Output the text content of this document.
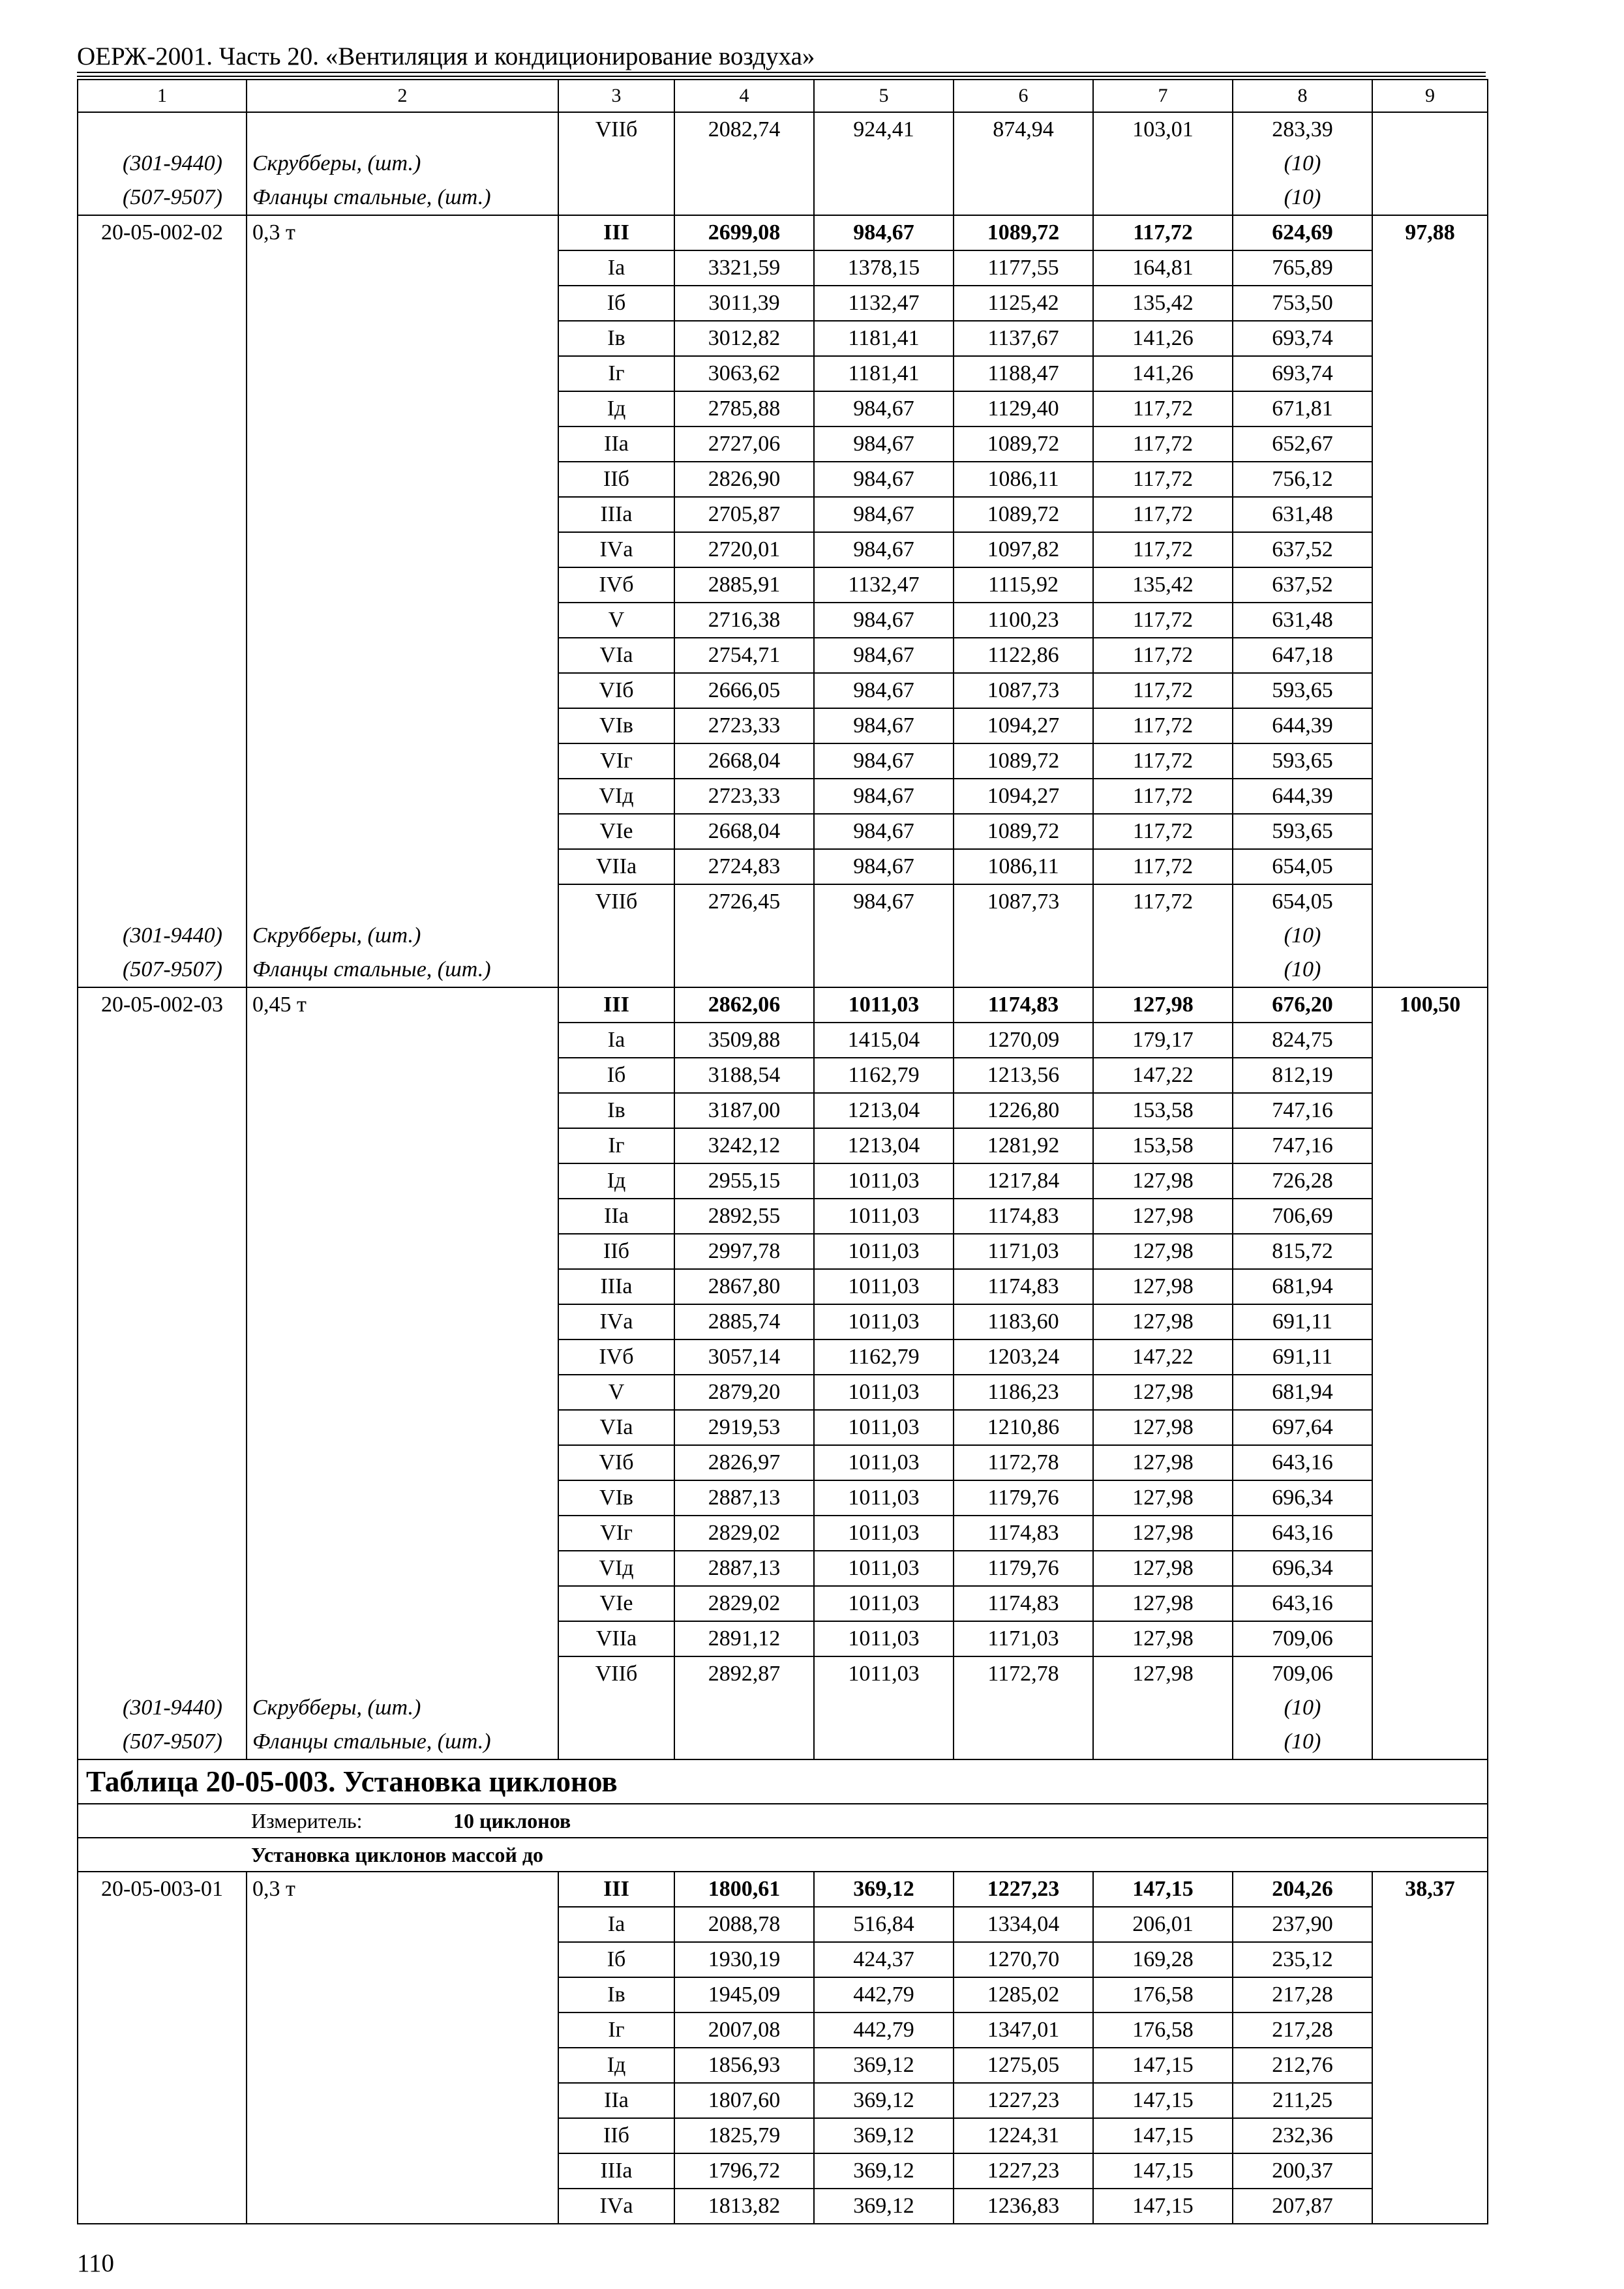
ОЕРЖ-2001. Часть 20. «Вентиляция и кондиционирование воздуха»
1	2	3	4	5	6	7	8	9
		VIIб	2082,74	924,41	874,94	103,01	283,39	
(301-9440)	Скрубберы, (шт.)						(10)	
(507-9507)	Фланцы стальные, (шт.)						(10)	
20-05-002-02	0,3 т	III	2699,08	984,67	1089,72	117,72	624,69	97,88
		Iа	3321,59	1378,15	1177,55	164,81	765,89	
		Iб	3011,39	1132,47	1125,42	135,42	753,50	
		Iв	3012,82	1181,41	1137,67	141,26	693,74	
		Iг	3063,62	1181,41	1188,47	141,26	693,74	
		Iд	2785,88	984,67	1129,40	117,72	671,81	
		IIа	2727,06	984,67	1089,72	117,72	652,67	
		IIб	2826,90	984,67	1086,11	117,72	756,12	
		IIIа	2705,87	984,67	1089,72	117,72	631,48	
		IVа	2720,01	984,67	1097,82	117,72	637,52	
		IVб	2885,91	1132,47	1115,92	135,42	637,52	
		V	2716,38	984,67	1100,23	117,72	631,48	
		VIа	2754,71	984,67	1122,86	117,72	647,18	
		VIб	2666,05	984,67	1087,73	117,72	593,65	
		VIв	2723,33	984,67	1094,27	117,72	644,39	
		VIг	2668,04	984,67	1089,72	117,72	593,65	
		VIд	2723,33	984,67	1094,27	117,72	644,39	
		VIе	2668,04	984,67	1089,72	117,72	593,65	
		VIIа	2724,83	984,67	1086,11	117,72	654,05	
		VIIб	2726,45	984,67	1087,73	117,72	654,05	
(301-9440)	Скрубберы, (шт.)						(10)	
(507-9507)	Фланцы стальные, (шт.)						(10)	
20-05-002-03	0,45 т	III	2862,06	1011,03	1174,83	127,98	676,20	100,50
		Iа	3509,88	1415,04	1270,09	179,17	824,75	
		Iб	3188,54	1162,79	1213,56	147,22	812,19	
		Iв	3187,00	1213,04	1226,80	153,58	747,16	
		Iг	3242,12	1213,04	1281,92	153,58	747,16	
		Iд	2955,15	1011,03	1217,84	127,98	726,28	
		IIа	2892,55	1011,03	1174,83	127,98	706,69	
		IIб	2997,78	1011,03	1171,03	127,98	815,72	
		IIIа	2867,80	1011,03	1174,83	127,98	681,94	
		IVа	2885,74	1011,03	1183,60	127,98	691,11	
		IVб	3057,14	1162,79	1203,24	147,22	691,11	
		V	2879,20	1011,03	1186,23	127,98	681,94	
		VIа	2919,53	1011,03	1210,86	127,98	697,64	
		VIб	2826,97	1011,03	1172,78	127,98	643,16	
		VIв	2887,13	1011,03	1179,76	127,98	696,34	
		VIг	2829,02	1011,03	1174,83	127,98	643,16	
		VIд	2887,13	1011,03	1179,76	127,98	696,34	
		VIе	2829,02	1011,03	1174,83	127,98	643,16	
		VIIа	2891,12	1011,03	1171,03	127,98	709,06	
		VIIб	2892,87	1011,03	1172,78	127,98	709,06	
(301-9440)	Скрубберы, (шт.)						(10)	
(507-9507)	Фланцы стальные, (шт.)						(10)	
Таблица 20-05-003. Установка циклонов								
Измеритель: 10 циклонов								
Установка циклонов массой до								
20-05-003-01	0,3 т	III	1800,61	369,12	1227,23	147,15	204,26	38,37
		Iа	2088,78	516,84	1334,04	206,01	237,90	
		Iб	1930,19	424,37	1270,70	169,28	235,12	
		Iв	1945,09	442,79	1285,02	176,58	217,28	
		Iг	2007,08	442,79	1347,01	176,58	217,28	
		Iд	1856,93	369,12	1275,05	147,15	212,76	
		IIа	1807,60	369,12	1227,23	147,15	211,25	
		IIб	1825,79	369,12	1224,31	147,15	232,36	
		IIIа	1796,72	369,12	1227,23	147,15	200,37	
		IVа	1813,82	369,12	1236,83	147,15	207,87	
110
